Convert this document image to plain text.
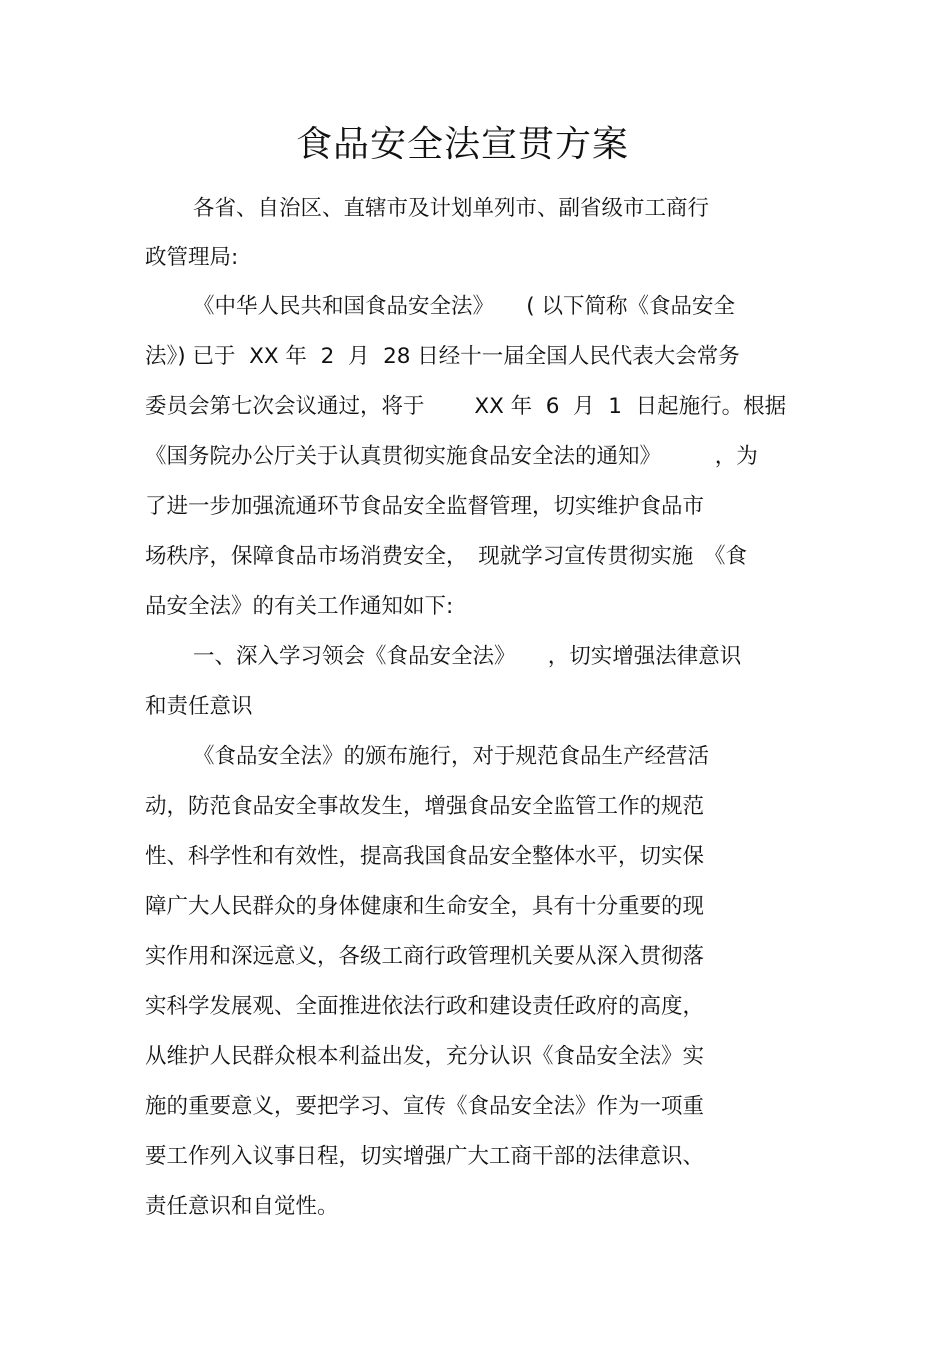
食品安全法宣贯方案

各省、自治区、直辖市及计划单列市、副省级市工商行

政管理局:

《中华人民共和国食品安全法》　　( 以下简称《食品安全

法》) 已于  XX 年  2  月  28 日经十一届全国人民代表大会常务

委员会第七次会议通过，将于　　 XX 年  6  月  1  日起施行。根据

《国务院办公厅关于认真贯彻实施食品安全法的通知》　　　，为

了进一步加强流通环节食品安全监督管理，切实维护食品市

场秩序，保障食品市场消费安全，　现就学习宣传贯彻实施　《食

品安全法》的有关工作通知如下:

一、深入学习领会《食品安全法》　　，切实增强法律意识

和责任意识

《食品安全法》的颁布施行，对于规范食品生产经营活

动，防范食品安全事故发生，增强食品安全监管工作的规范

性、科学性和有效性，提高我国食品安全整体水平，切实保

障广大人民群众的身体健康和生命安全，具有十分重要的现

实作用和深远意义，各级工商行政管理机关要从深入贯彻落

实科学发展观、全面推进依法行政和建设责任政府的高度，

从维护人民群众根本利益出发，充分认识《食品安全法》实

施的重要意义，要把学习、宣传《食品安全法》作为一项重

要工作列入议事日程，切实增强广大工商干部的法律意识、

责任意识和自觉性。
